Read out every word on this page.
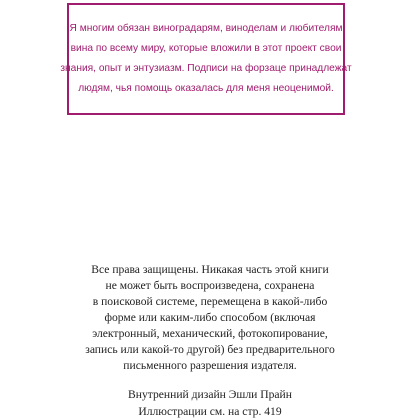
Я многим обязан виноградарям, виноделам и любителям
вина по всему миру, которые вложили в этот проект свои
знания, опыт и энтузиазм. Подписи на форзаце принадлежат
людям, чья помощь оказалась для меня неоценимой.

Все права защищены. Никакая часть этой книги
не может быть воспроизведена, сохранена
в поисковой системе, перемещена в какой-либо
форме или каким-либо способом (включая
электронный, механический, фотокопирование,
запись или какой-то другой) без предварительного
письменного разрешения издателя.

Внутренний дизайн Эшли Прайн
Иллюстрации см. на стр. 419
